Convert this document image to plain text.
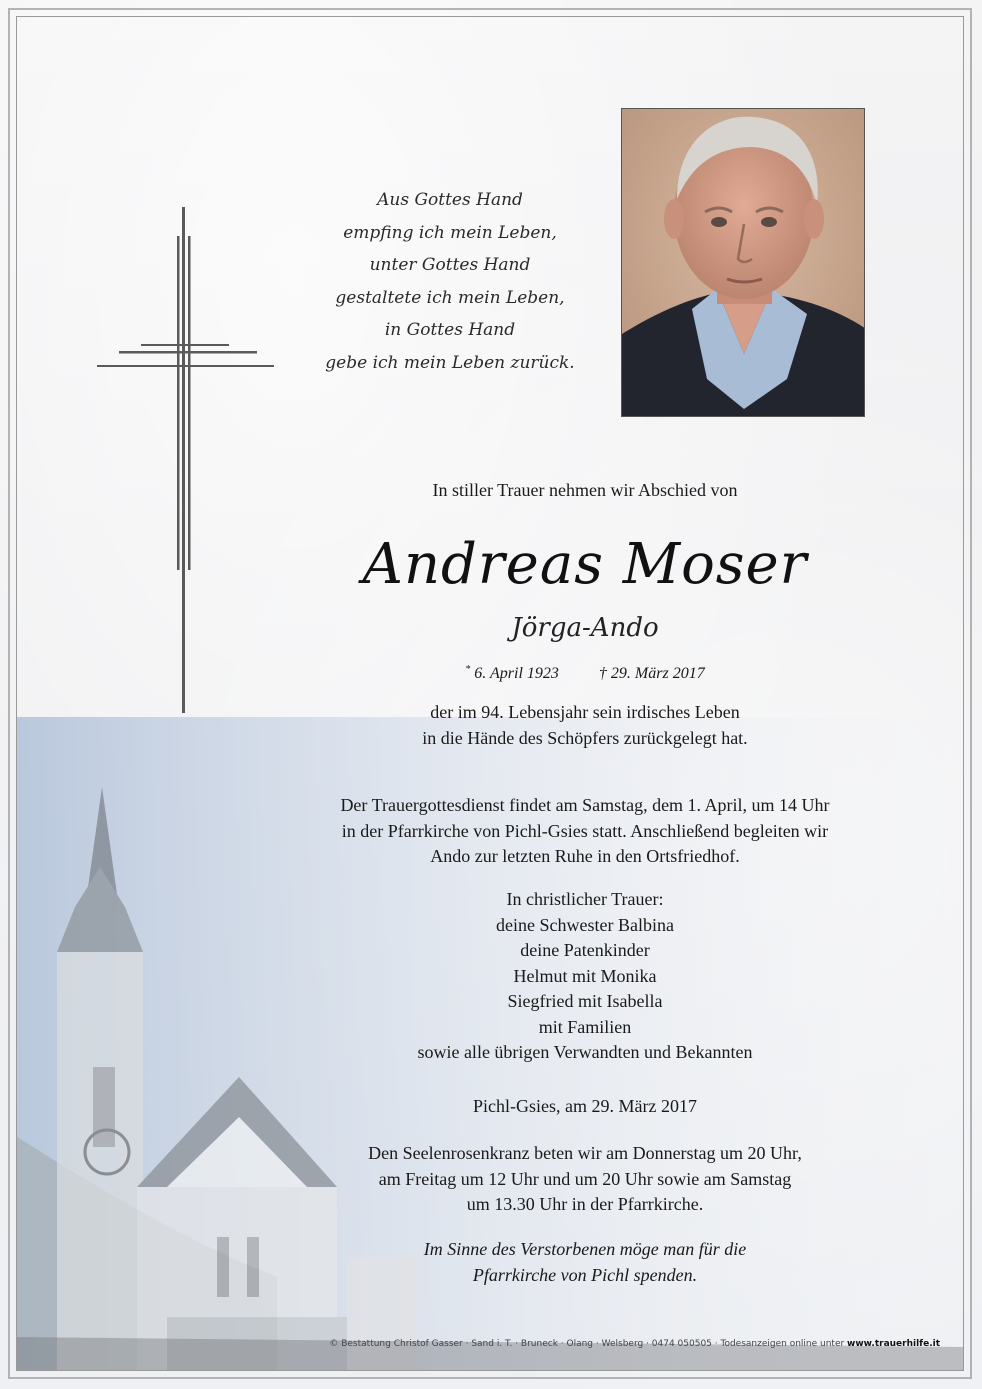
Aus Gottes Hand
empfing ich mein Leben,
unter Gottes Hand
gestaltete ich mein Leben,
in Gottes Hand
gebe ich mein Leben zurück.
In stiller Trauer nehmen wir Abschied von
Andreas Moser
Jörga-Ando
* 6. April 1923	† 29. März 2017
der im 94. Lebensjahr sein irdisches Leben
in die Hände des Schöpfers zurückgelegt hat.
Der Trauergottesdienst findet am Samstag, dem 1. April, um 14 Uhr
in der Pfarrkirche von Pichl-Gsies statt. Anschließend begleiten wir
Ando zur letzten Ruhe in den Ortsfriedhof.
In christlicher Trauer:
deine Schwester Balbina
deine Patenkinder
Helmut mit Monika
Siegfried mit Isabella
mit Familien
sowie alle übrigen Verwandten und Bekannten
Pichl-Gsies, am 29. März 2017
Den Seelenrosenkranz beten wir am Donnerstag um 20 Uhr,
am Freitag um 12 Uhr und um 20 Uhr sowie am Samstag
um 13.30 Uhr in der Pfarrkirche.
Im Sinne des Verstorbenen möge man für die
Pfarrkirche von Pichl spenden.
© Bestattung Christof Gasser · Sand i. T. · Bruneck · Olang · Welsberg · 0474 050505 · Todesanzeigen online unter www.trauerhilfe.it
